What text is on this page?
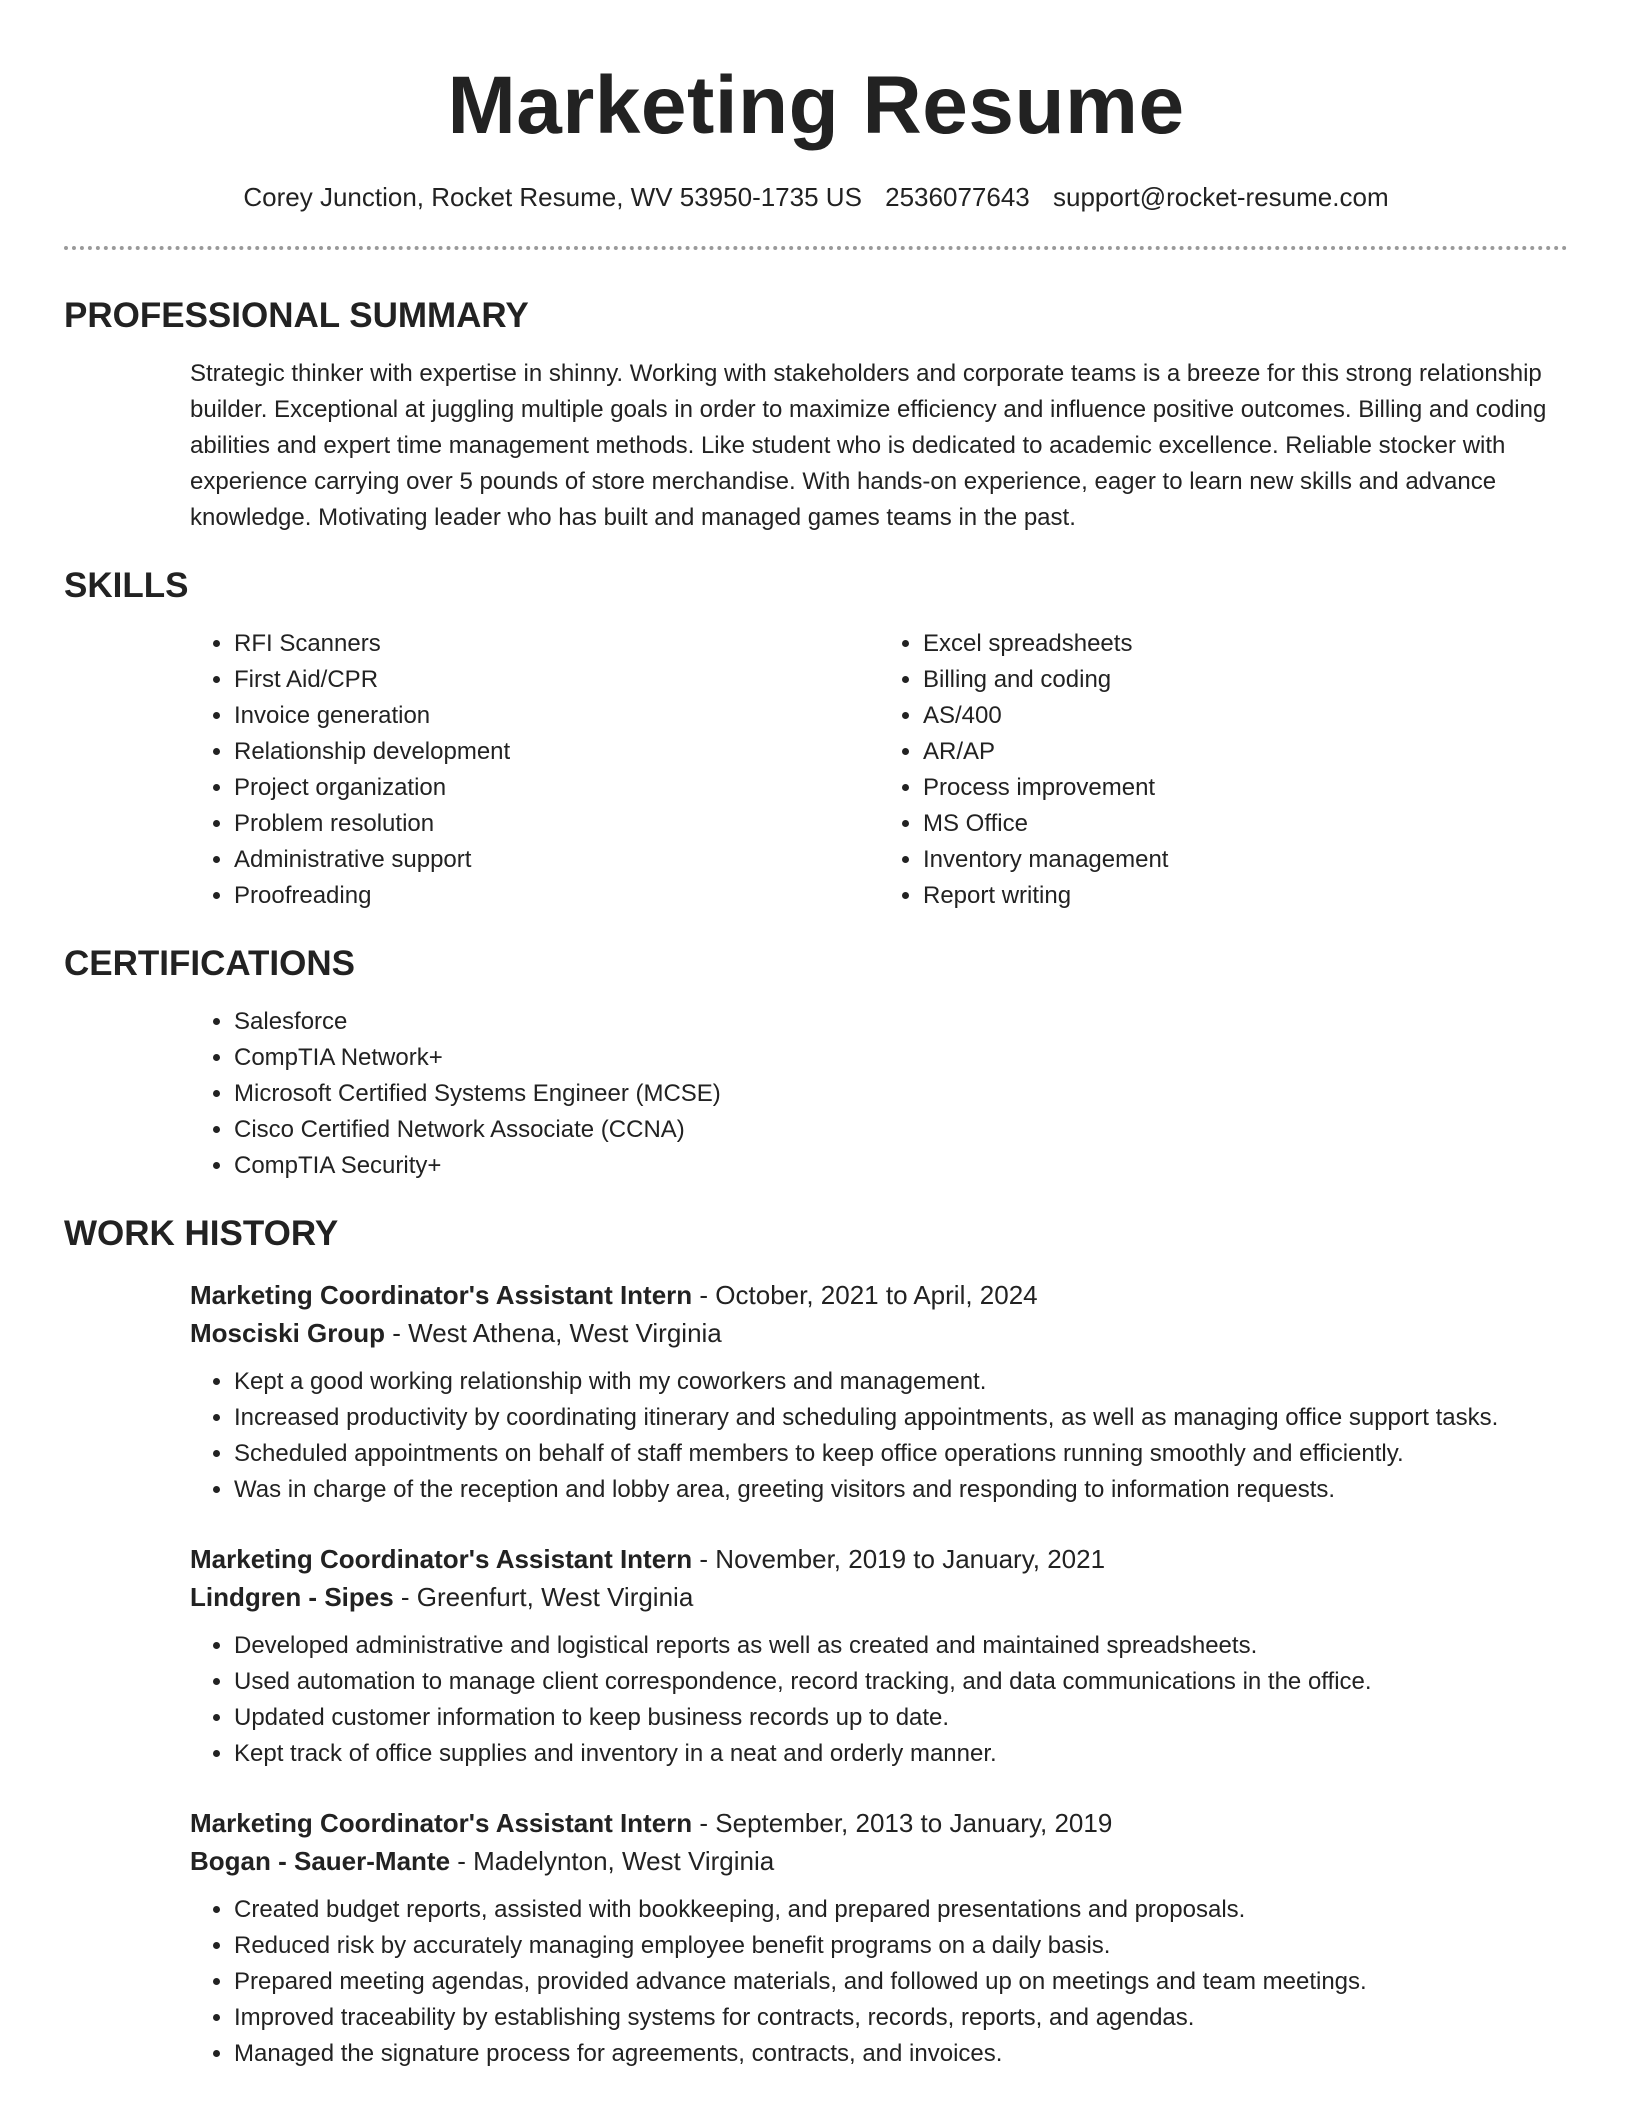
Marketing Resume
Corey Junction, Rocket Resume, WV 53950-1735 US 2536077643 support@rocket-resume.com
PROFESSIONAL SUMMARY

Strategic thinker with expertise in shinny. Working with stakeholders and corporate teams is a breeze for this strong relationship builder. Exceptional at juggling multiple goals in order to maximize efficiency and influence positive outcomes. Billing and coding abilities and expert time management methods. Like student who is dedicated to academic excellence. Reliable stocker with experience carrying over 5 pounds of store merchandise. With hands-on experience, eager to learn new skills and advance knowledge. Motivating leader who has built and managed games teams in the past.

SKILLS
• RFI Scanners
• First Aid/CPR
• Invoice generation
• Relationship development
• Project organization
• Problem resolution
• Administrative support
• Proofreading
• Excel spreadsheets
• Billing and coding
• AS/400
• AR/AP
• Process improvement
• MS Office
• Inventory management
• Report writing
CERTIFICATIONS
• Salesforce
• CompTIA Network+
• Microsoft Certified Systems Engineer (MCSE)
• Cisco Certified Network Associate (CCNA)
• CompTIA Security+
WORK HISTORY
Marketing Coordinator's Assistant Intern - October, 2021 to April, 2024
Mosciski Group - West Athena, West Virginia
• Kept a good working relationship with my coworkers and management.
• Increased productivity by coordinating itinerary and scheduling appointments, as well as managing office support tasks.
• Scheduled appointments on behalf of staff members to keep office operations running smoothly and efficiently.
• Was in charge of the reception and lobby area, greeting visitors and responding to information requests.
Marketing Coordinator's Assistant Intern - November, 2019 to January, 2021
Lindgren - Sipes - Greenfurt, West Virginia
• Developed administrative and logistical reports as well as created and maintained spreadsheets.
• Used automation to manage client correspondence, record tracking, and data communications in the office.
• Updated customer information to keep business records up to date.
• Kept track of office supplies and inventory in a neat and orderly manner.
Marketing Coordinator's Assistant Intern - September, 2013 to January, 2019
Bogan - Sauer-Mante - Madelynton, West Virginia
• Created budget reports, assisted with bookkeeping, and prepared presentations and proposals.
• Reduced risk by accurately managing employee benefit programs on a daily basis.
• Prepared meeting agendas, provided advance materials, and followed up on meetings and team meetings.
• Improved traceability by establishing systems for contracts, records, reports, and agendas.
• Managed the signature process for agreements, contracts, and invoices.
